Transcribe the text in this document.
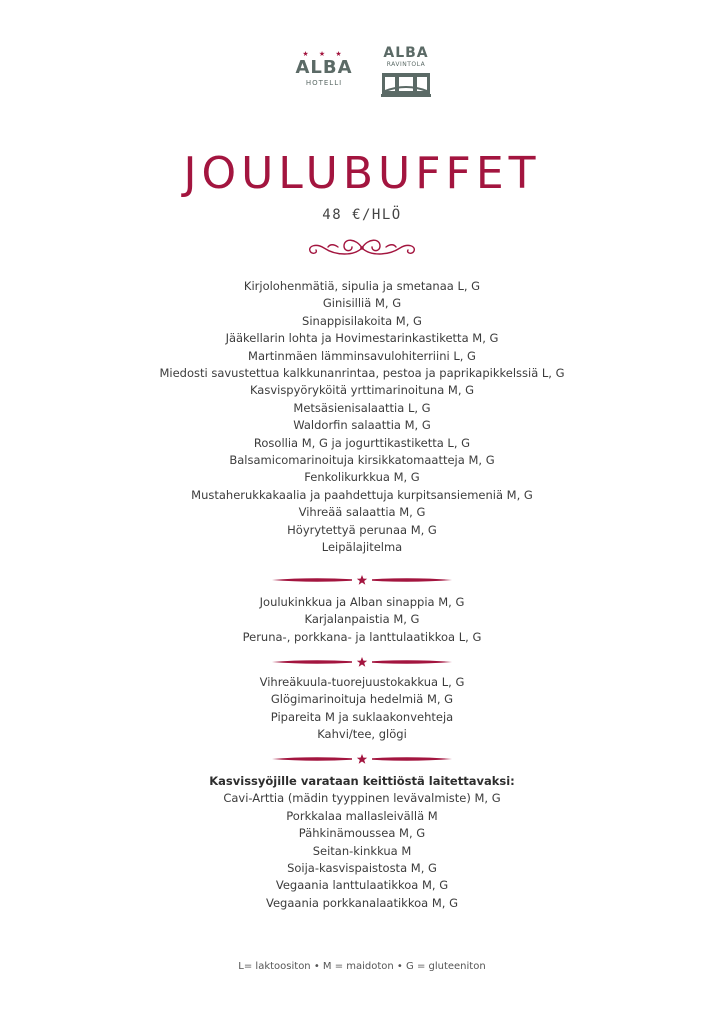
★ ★ ★
ALBA
HOTELLI
ALBA
RAVINTOLA
JOULUBUFFET
48 €/HLÖ
Kirjolohenmätiä, sipulia ja smetanaa L, G
Ginisilliä M, G
Sinappisilakoita M, G
Jääkellarin lohta ja Hovimestarinkastiketta M, G
Martinmäen lämminsavulohiterriini L, G
Miedosti savustettua kalkkunanrintaa, pestoa ja paprikapikkelssiä L, G
Kasvispyöryköitä yrttimarinoituna M, G
Metsäsienisalaattia L, G
Waldorfin salaattia M, G
Rosollia M, G ja jogurttikastiketta L, G
Balsamicomarinoituja kirsikkatomaatteja M, G
Fenkolikurkkua M, G
Mustaherukkakaalia ja paahdettuja kurpitsansiemeniä M, G
Vihreää salaattia M, G
Höyrytettyä perunaa M, G
Leipälajitelma
Joulukinkkua ja Alban sinappia M, G
Karjalanpaistia M, G
Peruna-, porkkana- ja lanttulaatikkoa L, G
Vihreäkuula-tuorejuustokakkua L, G
Glögimarinoituja hedelmiä M, G
Pipareita M ja suklaakonvehteja
Kahvi/tee, glögi
Kasvissyöjille varataan keittiöstä laitettavaksi:
Cavi-Arttia (mädin tyyppinen levävalmiste) M, G
Porkkalaa mallasleivällä M
Pähkinämoussea M, G
Seitan-kinkkua M
Soija-kasvispaistosta M, G
Vegaania lanttulaatikkoa M, G
Vegaania porkkanalaatikkoa M, G
L= laktoositon • M = maidoton • G = gluteeniton
